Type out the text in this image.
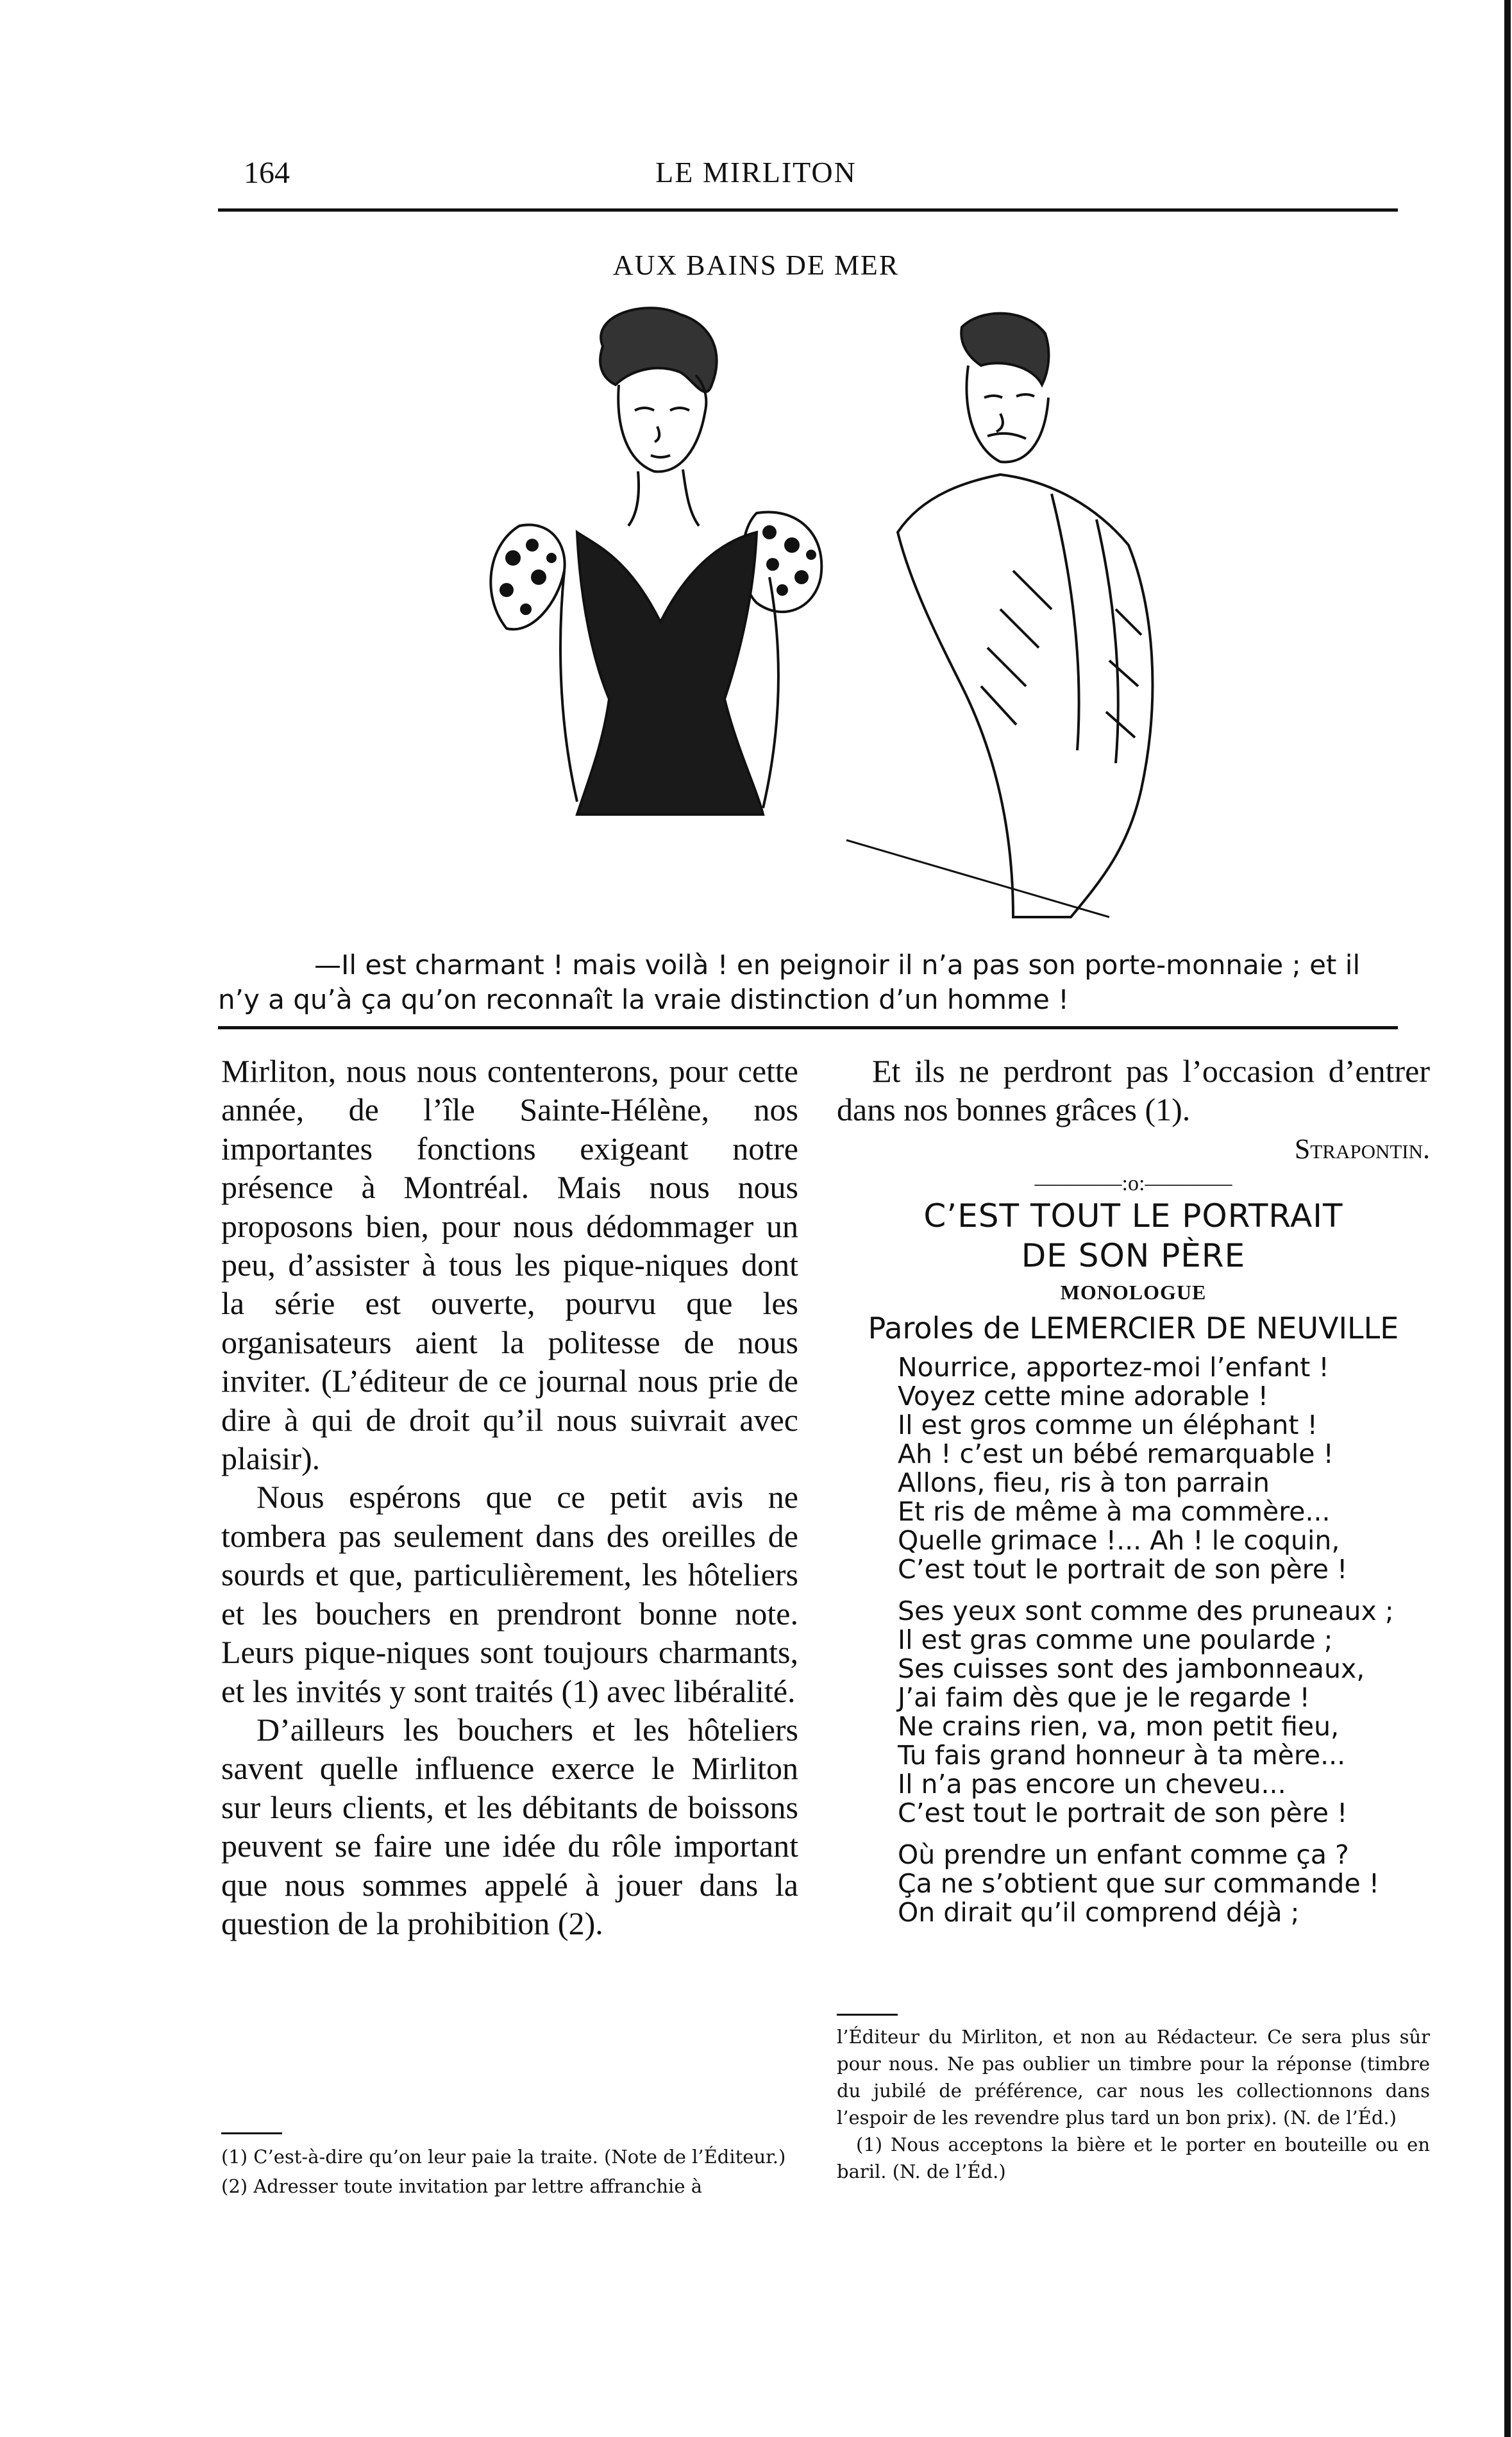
164	LE MIRLITON
AUX BAINS DE MER
—Il est charmant ! mais voilà ! en peignoir il n’a pas son porte-monnaie ; et il
n’y a qu’à ça qu’on reconnaît la vraie distinction d’un homme !

Mirliton, nous nous contenterons, pour cette année, de l’île Sainte-Hélène, nos importantes fonctions exigeant notre présence à Montréal. Mais nous nous proposons bien, pour nous dédommager un peu, d’assister à tous les pique-niques dont la série est ouverte, pourvu que les organisateurs aient la politesse de nous inviter. (L’éditeur de ce journal nous prie de dire à qui de droit qu’il nous suivrait avec plaisir).

Nous espérons que ce petit avis ne tombera pas seulement dans des oreilles de sourds et que, particulièrement, les hôteliers et les bouchers en prendront bonne note. Leurs pique-niques sont toujours charmants, et les invités y sont traités (1) avec libéralité.

D’ailleurs les bouchers et les hôteliers savent quelle influence exerce le Mirliton sur leurs clients, et les débitants de boissons peuvent se faire une idée du rôle important que nous sommes appelé à jouer dans la question de la prohibition (2).

(1) C’est-à-dire qu’on leur paie la traite. (Note de l’Éditeur.)

(2) Adresser toute invitation par lettre affranchie à

Et ils ne perdront pas l’occasion d’entrer dans nos bonnes grâces (1).
Strapontin.
————:o:————
C’EST TOUT LE PORTRAIT
DE SON PÈRE
MONOLOGUE
Paroles de LEMERCIER DE NEUVILLE
Nourrice, apportez-moi l’enfant !
Voyez cette mine adorable !
Il est gros comme un éléphant !
Ah ! c’est un bébé remarquable !
Allons, fieu, ris à ton parrain
Et ris de même à ma commère...
Quelle grimace !... Ah ! le coquin,
C’est tout le portrait de son père !
Ses yeux sont comme des pruneaux ;
Il est gras comme une poularde ;
Ses cuisses sont des jambonneaux,
J’ai faim dès que je le regarde !
Ne crains rien, va, mon petit fieu,
Tu fais grand honneur à ta mère...
Il n’a pas encore un cheveu...
C’est tout le portrait de son père !
Où prendre un enfant comme ça ?
Ça ne s’obtient que sur commande !
On dirait qu’il comprend déjà ;

l’Éditeur du Mirliton, et non au Rédacteur. Ce sera plus sûr pour nous. Ne pas oublier un timbre pour la réponse (timbre du jubilé de préférence, car nous les collectionnons dans l’espoir de les revendre plus tard un bon prix). (N. de l’Éd.)

(1) Nous acceptons la bière et le porter en bouteille ou en baril. (N. de l’Éd.)
